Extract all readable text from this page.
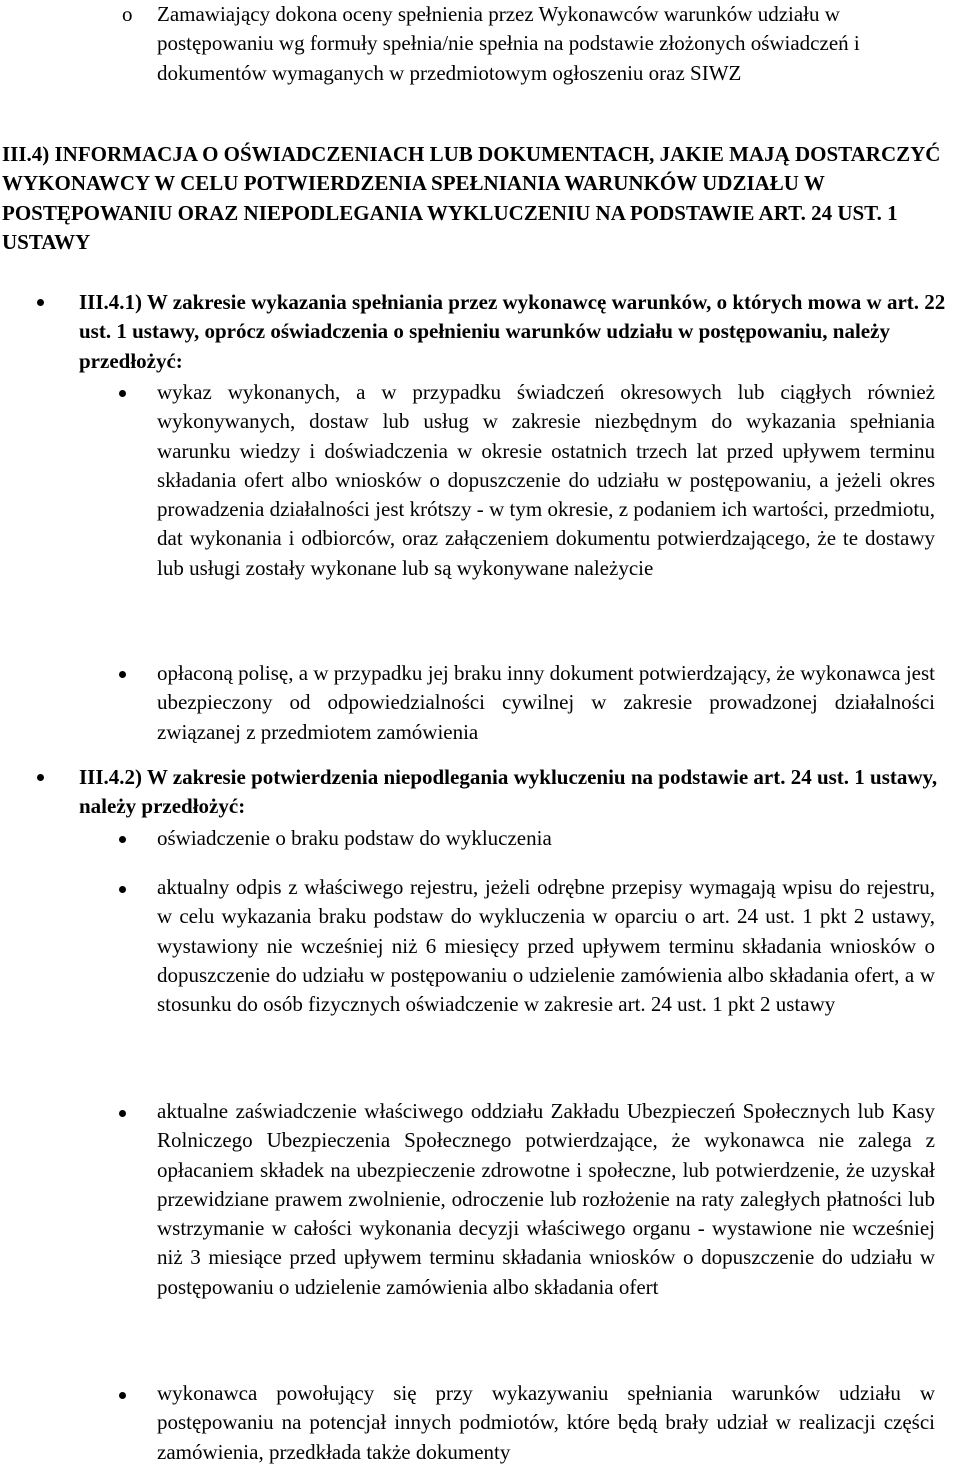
o Zamawiający dokona oceny spełnienia przez Wykonawców warunków udziału w postępowaniu wg formuły spełnia/nie spełnia na podstawie złożonych oświadczeń i dokumentów wymaganych w przedmiotowym ogłoszeniu oraz SIWZ

III.4) INFORMACJA O OŚWIADCZENIACH LUB DOKUMENTACH, JAKIE MAJĄ DOSTARCZYĆ WYKONAWCY W CELU POTWIERDZENIA SPEŁNIANIA WARUNKÓW UDZIAŁU W POSTĘPOWANIU ORAZ NIEPODLEGANIA WYKLUCZENIU NA PODSTAWIE ART. 24 UST. 1 USTAWY

III.4.1) W zakresie wykazania spełniania przez wykonawcę warunków, o których mowa w art. 22 ust. 1 ustawy, oprócz oświadczenia o spełnieniu warunków udziału w postępowaniu, należy przedłożyć:

wykaz wykonanych, a w przypadku świadczeń okresowych lub ciągłych również wykonywanych, dostaw lub usług w zakresie niezbędnym do wykazania spełniania warunku wiedzy i doświadczenia w okresie ostatnich trzech lat przed upływem terminu składania ofert albo wniosków o dopuszczenie do udziału w postępowaniu, a jeżeli okres prowadzenia działalności jest krótszy - w tym okresie, z podaniem ich wartości, przedmiotu, dat wykonania i odbiorców, oraz załączeniem dokumentu potwierdzającego, że te dostawy lub usługi zostały wykonane lub są wykonywane należycie

opłaconą polisę, a w przypadku jej braku inny dokument potwierdzający, że wykonawca jest ubezpieczony od odpowiedzialności cywilnej w zakresie prowadzonej działalności związanej z przedmiotem zamówienia

III.4.2) W zakresie potwierdzenia niepodlegania wykluczeniu na podstawie art. 24 ust. 1 ustawy, należy przedłożyć:

oświadczenie o braku podstaw do wykluczenia

aktualny odpis z właściwego rejestru, jeżeli odrębne przepisy wymagają wpisu do rejestru, w celu wykazania braku podstaw do wykluczenia w oparciu o art. 24 ust. 1 pkt 2 ustawy, wystawiony nie wcześniej niż 6 miesięcy przed upływem terminu składania wniosków o dopuszczenie do udziału w postępowaniu o udzielenie zamówienia albo składania ofert, a w stosunku do osób fizycznych oświadczenie w zakresie art. 24 ust. 1 pkt 2 ustawy

aktualne zaświadczenie właściwego oddziału Zakładu Ubezpieczeń Społecznych lub Kasy Rolniczego Ubezpieczenia Społecznego potwierdzające, że wykonawca nie zalega z opłacaniem składek na ubezpieczenie zdrowotne i społeczne, lub potwierdzenie, że uzyskał przewidziane prawem zwolnienie, odroczenie lub rozłożenie na raty zaległych płatności lub wstrzymanie w całości wykonania decyzji właściwego organu - wystawione nie wcześniej niż 3 miesiące przed upływem terminu składania wniosków o dopuszczenie do udziału w postępowaniu o udzielenie zamówienia albo składania ofert

wykonawca powołujący się przy wykazywaniu spełniania warunków udziału w postępowaniu na potencjał innych podmiotów, które będą brały udział w realizacji części zamówienia, przedkłada także dokumenty
